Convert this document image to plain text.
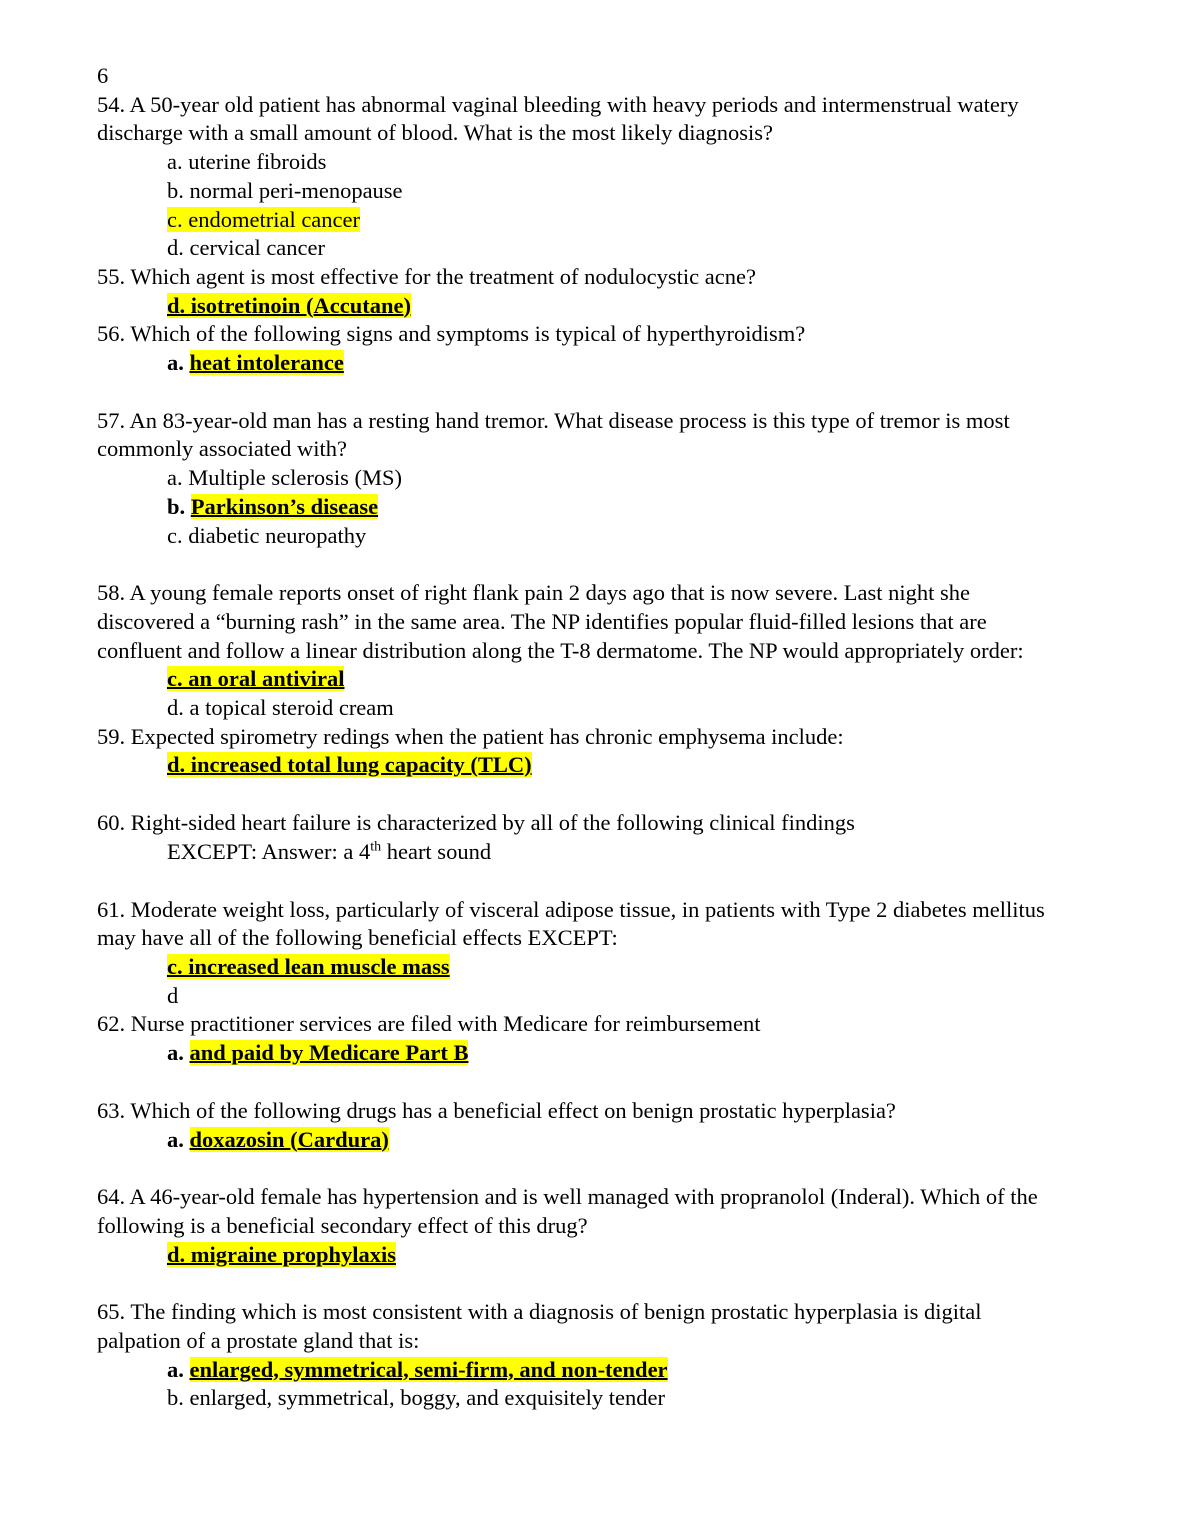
6

54. A 50-year old patient has abnormal vaginal bleeding with heavy periods and intermenstrual watery discharge with a small amount of blood. What is the most likely diagnosis?

a. uterine fibroids
b. normal peri-menopause
c. endometrial cancer
d. cervical cancer

55. Which agent is most effective for the treatment of nodulocystic acne?

d. isotretinoin (Accutane)

56. Which of the following signs and symptoms is typical of hyperthyroidism?

a. heat intolerance

57. An 83-year-old man has a resting hand tremor. What disease process is this type of tremor is most commonly associated with?

a. Multiple sclerosis (MS)
b. Parkinson’s disease
c. diabetic neuropathy

58. A young female reports onset of right flank pain 2 days ago that is now severe. Last night she discovered a “burning rash” in the same area. The NP identifies popular fluid-filled lesions that are confluent and follow a linear distribution along the T-8 dermatome. The NP would appropriately order:

c. an oral antiviral
d. a topical steroid cream

59. Expected spirometry redings when the patient has chronic emphysema include:

d. increased total lung capacity (TLC)

60. Right-sided heart failure is characterized by all of the following clinical findings

EXCEPT: Answer: a 4th heart sound

61. Moderate weight loss, particularly of visceral adipose tissue, in patients with Type 2 diabetes mellitus may have all of the following beneficial effects EXCEPT:

c. increased lean muscle mass
d

62. Nurse practitioner services are filed with Medicare for reimbursement

a. and paid by Medicare Part B

63. Which of the following drugs has a beneficial effect on benign prostatic hyperplasia?

a. doxazosin (Cardura)

64. A 46-year-old female has hypertension and is well managed with propranolol (Inderal). Which of the following is a beneficial secondary effect of this drug?

d. migraine prophylaxis

65. The finding which is most consistent with a diagnosis of benign prostatic hyperplasia is digital palpation of a prostate gland that is:

a. enlarged, symmetrical, semi-firm, and non-tender
b. enlarged, symmetrical, boggy, and exquisitely tender
